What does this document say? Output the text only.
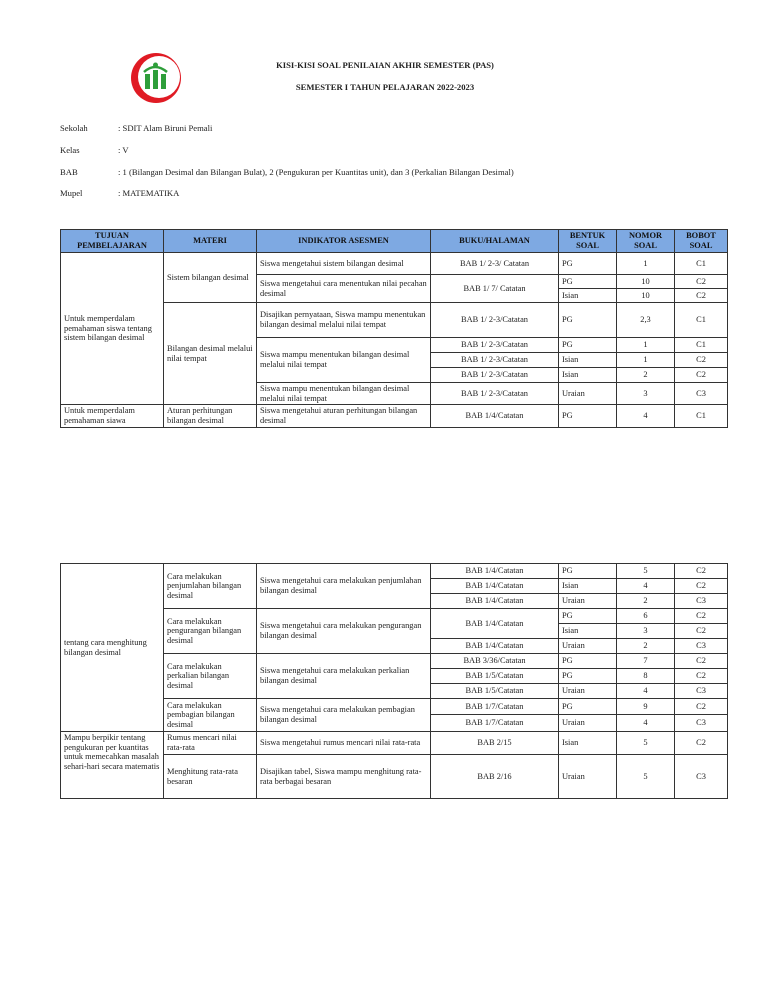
KISI-KISI SOAL PENILAIAN AKHIR SEMESTER (PAS)
SEMESTER I TAHUN PELAJARAN 2022-2023
Sekolah	: SDIT Alam Biruni Pemali
Kelas	: V
BAB	: 1 (Bilangan Desimal dan Bilangan Bulat), 2 (Pengukuran per Kuantitas unit), dan 3 (Perkalian Bilangan Desimal)
Mupel	: MATEMATIKA
TUJUAN PEMBELAJARAN	MATERI	INDIKATOR ASESMEN	BUKU/HALAMAN	BENTUK SOAL	NOMOR SOAL	BOBOT SOAL
Untuk memperdalam pemahaman siswa tentang sistem bilangan desimal	Sistem bilangan desimal	Siswa mengetahui sistem bilangan desimal	BAB 1/ 2-3/ Catatan	PG	1	C1
		Siswa mengetahui cara menentukan nilai pecahan desimal	BAB 1/ 7/ Catatan	PG	10	C2
				Isian	10	C2
	Bilangan desimal melalui nilai tempat	Disajikan pernyataan, Siswa mampu menentukan bilangan desimal melalui nilai tempat	BAB 1/ 2-3/Catatan	PG	2,3	C1
		Siswa mampu menentukan bilangan desimal melalui nilai tempat	BAB 1/ 2-3/Catatan	PG	1	C1
			BAB 1/ 2-3/Catatan	Isian	1	C2
			BAB 1/ 2-3/Catatan	Isian	2	C2
		Siswa mampu menentukan bilangan desimal melalui nilai tempat	BAB 1/ 2-3/Catatan	Uraian	3	C3
Untuk memperdalam pemahaman siawa	Aturan perhitungan bilangan desimal	Siswa mengetahui aturan perhitungan bilangan desimal	BAB 1/4/Catatan	PG	4	C1
tentang cara menghitung bilangan desimal	Cara melakukan penjumlahan bilangan desimal	Siswa mengetahui cara melakukan penjumlahan bilangan desimal	BAB 1/4/Catatan	PG	5	C2
			BAB 1/4/Catatan	Isian	4	C2
			BAB 1/4/Catatan	Uraian	2	C3
	Cara melakukan pengurangan bilangan desimal	Siswa mengetahui cara melakukan pengurangan bilangan desimal	BAB 1/4/Catatan	PG	6	C2
				Isian	3	C2
			BAB 1/4/Catatan	Uraian	2	C3
	Cara melakukan perkalian bilangan desimal	Siswa mengetahui cara melakukan perkalian bilangan desimal	BAB 3/36/Catatan	PG	7	C2
			BAB 1/5/Catatan	PG	8	C2
			BAB 1/5/Catatan	Uraian	4	C3
	Cara melakukan pembagian bilangan desimal	Siswa mengetahui cara melakukan pembagian bilangan desimal	BAB 1/7/Catatan	PG	9	C2
			BAB 1/7/Catatan	Uraian	4	C3
Mampu berpikir tentang pengukuran per kuantitas untuk memecahkan masalah sehari-hari secara matematis	Rumus mencari nilai rata-rata	Siswa mengetahui rumus mencari nilai rata-rata	BAB 2/15	Isian	5	C2
	Menghitung rata-rata besaran	Disajikan tabel, Siswa mampu menghitung rata-rata berbagai besaran	BAB 2/16	Uraian	5	C3
